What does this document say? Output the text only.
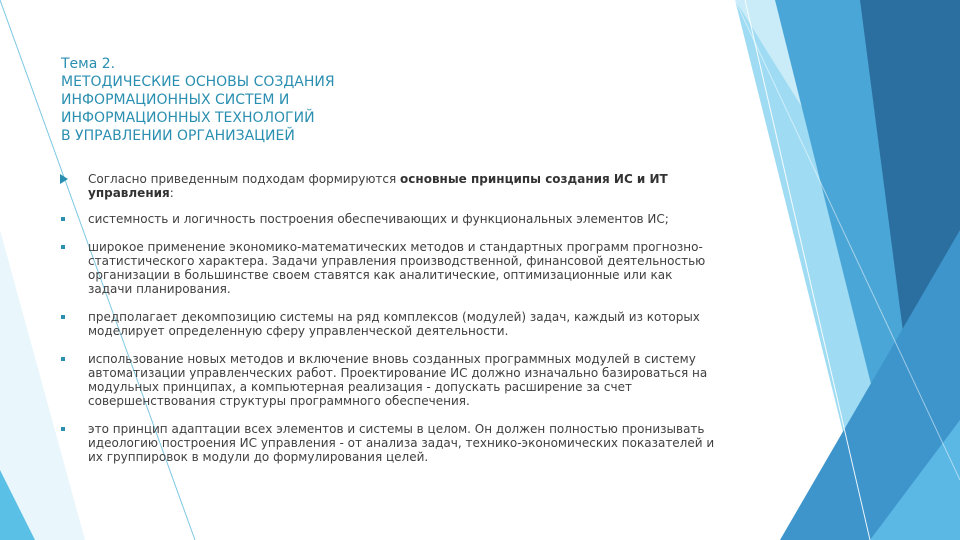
Тема 2.
МЕТОДИЧЕСКИЕ ОСНОВЫ СОЗДАНИЯ
ИНФОРМАЦИОННЫХ СИСТЕМ И
ИНФОРМАЦИОННЫХ ТЕХНОЛОГИЙ
В УПРАВЛЕНИИ ОРГАНИЗАЦИЕЙ
Согласно приведенным подходам формируются основные принципы создания ИС и ИТ управления:
системность и логичность построения обеспечивающих и функциональных элементов ИС;
широкое применение экономико-математических методов и стандартных программ прогнозно-статистического характера. Задачи управления производственной, финансовой деятельностью организации в большинстве своем ставятся как аналитические, оптимизационные или как задачи планирования.
предполагает декомпозицию системы на ряд комплексов (модулей) задач, каждый из которых моделирует определенную сферу управленческой деятельности.
использование новых методов и включение вновь созданных программных модулей в систему автоматизации управленческих работ. Проектирование ИС должно изначально базироваться на модульных принципах, а компьютерная реализация - допускать расширение за счет совершенствования структуры программного обеспечения.
это принцип адаптации всех элементов и системы в целом. Он должен полностью пронизывать идеологию построения ИС управления - от анализа задач, технико-экономических показателей и их группировок в модули до формулирования целей.
